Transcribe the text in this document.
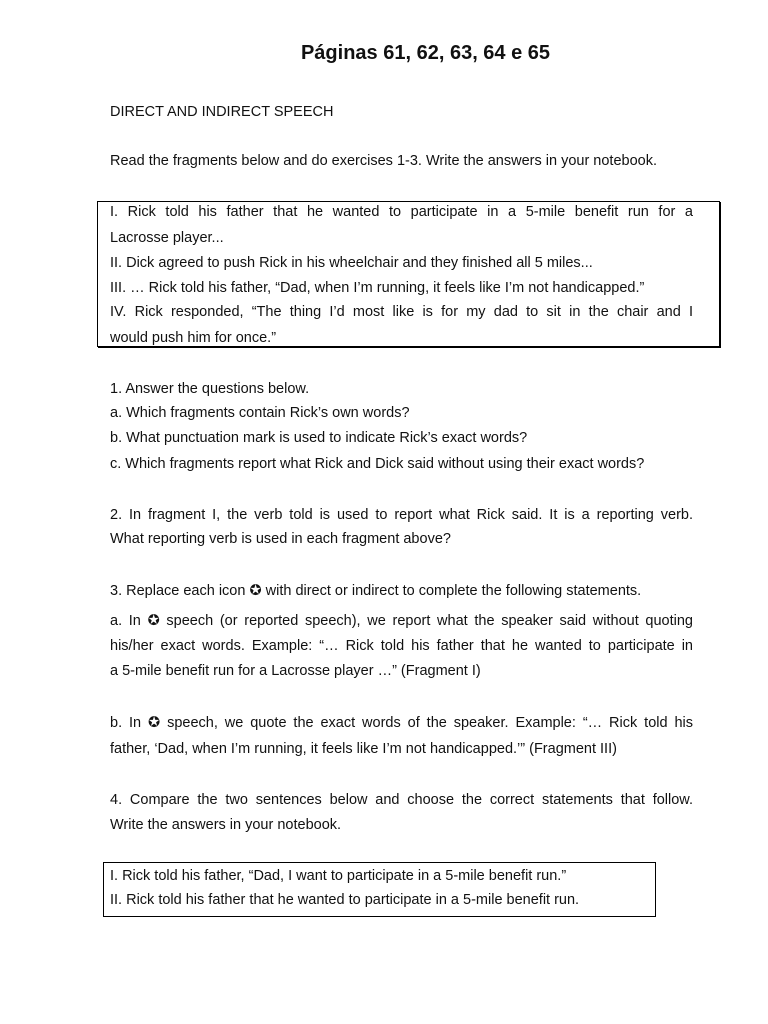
Páginas 61, 62, 63, 64 e 65
DIRECT AND INDIRECT SPEECH
Read the fragments below and do exercises 1-3. Write the answers in your notebook.
I. Rick told his father that he wanted to participate in a 5-mile benefit run for a
Lacrosse player...
II. Dick agreed to push Rick in his wheelchair and they finished all 5 miles...
III. … Rick told his father, “Dad, when I’m running, it feels like I’m not handicapped.”
IV. Rick responded, “The thing I’d most like is for my dad to sit in the chair and I
would push him for once.”
1. Answer the questions below.
a. Which fragments contain Rick’s own words?
b. What punctuation mark is used to indicate Rick’s exact words?
c. Which fragments report what Rick and Dick said without using their exact words?
2. In fragment I, the verb told is used to report what Rick said. It is a reporting verb.
What reporting verb is used in each fragment above?
3. Replace each icon ✪ with direct or indirect to complete the following statements.
a. In ✪ speech (or reported speech), we report what the speaker said without quoting
his/her exact words. Example: “… Rick told his father that he wanted to participate in
a 5-mile benefit run for a Lacrosse player …” (Fragment I)
b. In ✪ speech, we quote the exact words of the speaker. Example: “… Rick told his
father, ‘Dad, when I’m running, it feels like I’m not handicapped.’” (Fragment III)
4. Compare the two sentences below and choose the correct statements that follow.
Write the answers in your notebook.
I. Rick told his father, “Dad, I want to participate in a 5-mile benefit run.”
II. Rick told his father that he wanted to participate in a 5-mile benefit run.
